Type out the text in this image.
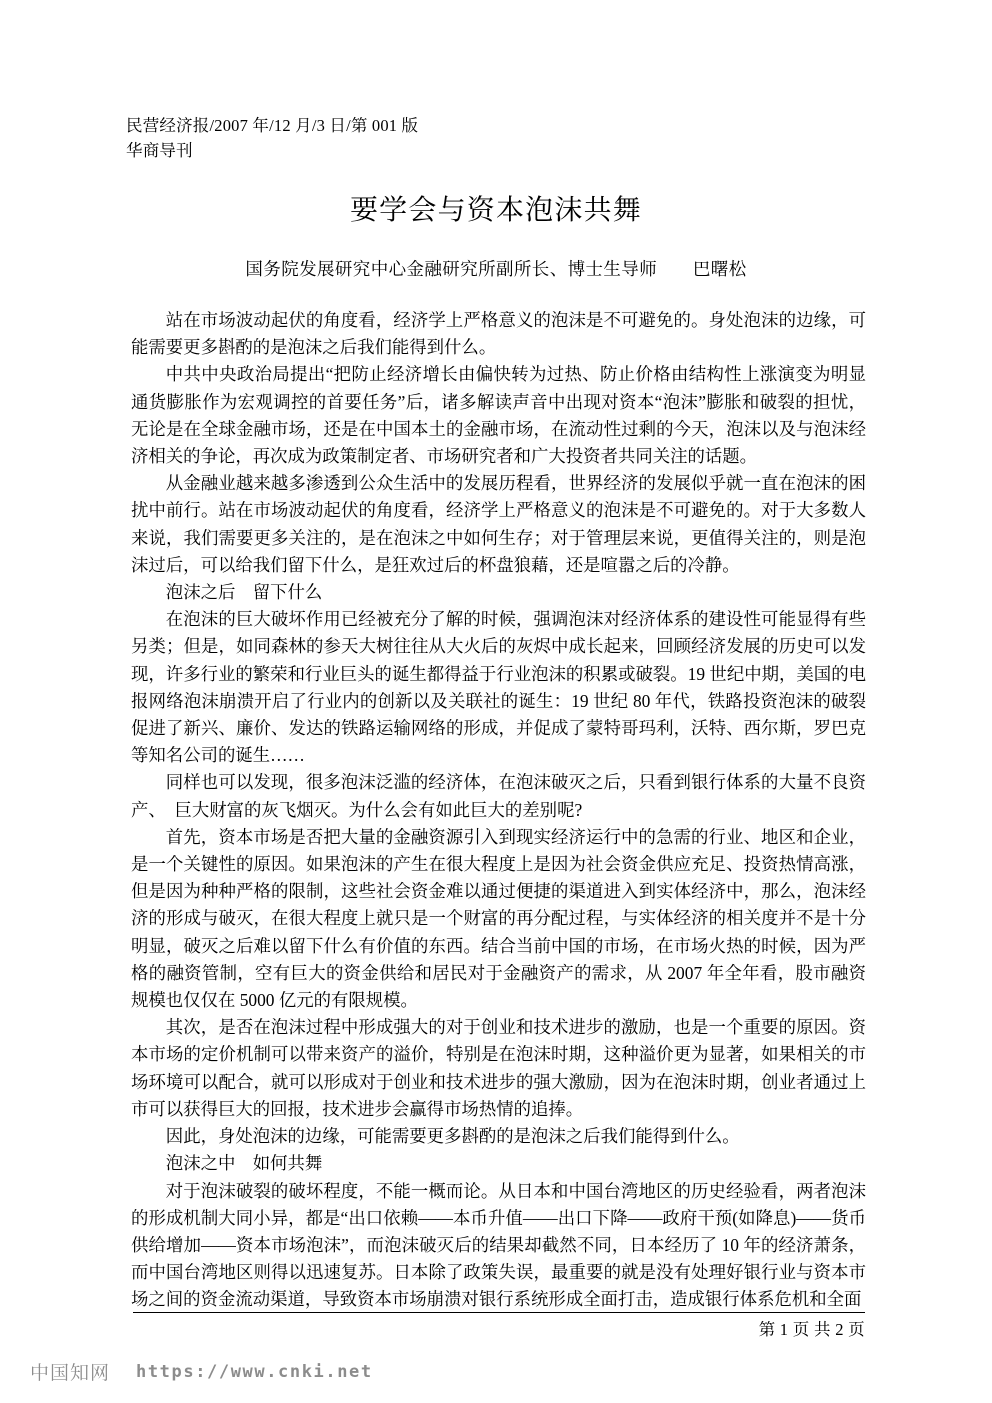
民营经济报/2007 年/12 月/3 日/第 001 版
华商导刊
要学会与资本泡沫共舞
国务院发展研究中心金融研究所副所长、博士生导师　　巴曙松

站在市场波动起伏的角度看，经济学上严格意义的泡沫是不可避免的。身处泡沫的边缘，可能需要更多斟酌的是泡沫之后我们能得到什么。

中共中央政治局提出“把防止经济增长由偏快转为过热、防止价格由结构性上涨演变为明显通货膨胀作为宏观调控的首要任务”后，诸多解读声音中出现对资本“泡沫”膨胀和破裂的担忧，无论是在全球金融市场，还是在中国本土的金融市场，在流动性过剩的今天，泡沫以及与泡沫经济相关的争论，再次成为政策制定者、市场研究者和广大投资者共同关注的话题。

从金融业越来越多渗透到公众生活中的发展历程看，世界经济的发展似乎就一直在泡沫的困扰中前行。站在市场波动起伏的角度看，经济学上严格意义的泡沫是不可避免的。对于大多数人来说，我们需要更多关注的，是在泡沫之中如何生存；对于管理层来说，更值得关注的，则是泡沫过后，可以给我们留下什么，是狂欢过后的杯盘狼藉，还是喧嚣之后的冷静。

泡沫之后　留下什么

在泡沫的巨大破坏作用已经被充分了解的时候，强调泡沫对经济体系的建设性可能显得有些另类；但是，如同森林的参天大树往往从大火后的灰烬中成长起来，回顾经济发展的历史可以发现，许多行业的繁荣和行业巨头的诞生都得益于行业泡沫的积累或破裂。19 世纪中期，美国的电报网络泡沫崩溃开启了行业内的创新以及关联社的诞生：19 世纪 80 年代，铁路投资泡沫的破裂促进了新兴、廉价、发达的铁路运输网络的形成，并促成了蒙特哥玛利，沃特、西尔斯，罗巴克等知名公司的诞生……

同样也可以发现，很多泡沫泛滥的经济体，在泡沫破灭之后，只看到银行体系的大量不良资产、　巨大财富的灰飞烟灭。为什么会有如此巨大的差别呢?

首先，资本市场是否把大量的金融资源引入到现实经济运行中的急需的行业、地区和企业，是一个关键性的原因。如果泡沫的产生在很大程度上是因为社会资金供应充足、投资热情高涨，但是因为种种严格的限制，这些社会资金难以通过便捷的渠道进入到实体经济中，那么，泡沫经济的形成与破灭，在很大程度上就只是一个财富的再分配过程，与实体经济的相关度并不是十分明显，破灭之后难以留下什么有价值的东西。结合当前中国的市场，在市场火热的时候，因为严格的融资管制，空有巨大的资金供给和居民对于金融资产的需求，从 2007 年全年看，股市融资规模也仅仅在 5000 亿元的有限规模。

其次，是否在泡沫过程中形成强大的对于创业和技术进步的激励，也是一个重要的原因。资本市场的定价机制可以带来资产的溢价，特别是在泡沫时期，这种溢价更为显著，如果相关的市场环境可以配合，就可以形成对于创业和技术进步的强大激励，因为在泡沫时期，创业者通过上市可以获得巨大的回报，技术进步会赢得市场热情的追捧。

因此，身处泡沫的边缘，可能需要更多斟酌的是泡沫之后我们能得到什么。

泡沫之中　如何共舞

对于泡沫破裂的破坏程度，不能一概而论。从日本和中国台湾地区的历史经验看，两者泡沫的形成机制大同小异，都是“出口依赖——本币升值——出口下降——政府干预(如降息)——货币供给增加——资本市场泡沫”，而泡沫破灭后的结果却截然不同，日本经历了 10 年的经济萧条，而中国台湾地区则得以迅速复苏。日本除了政策失误，最重要的就是没有处理好银行业与资本市场之间的资金流动渠道，导致资本市场崩溃对银行系统形成全面打击，造成银行体系危机和全面

第 1 页 共 2 页
中国知网 https://www.cnki.net
